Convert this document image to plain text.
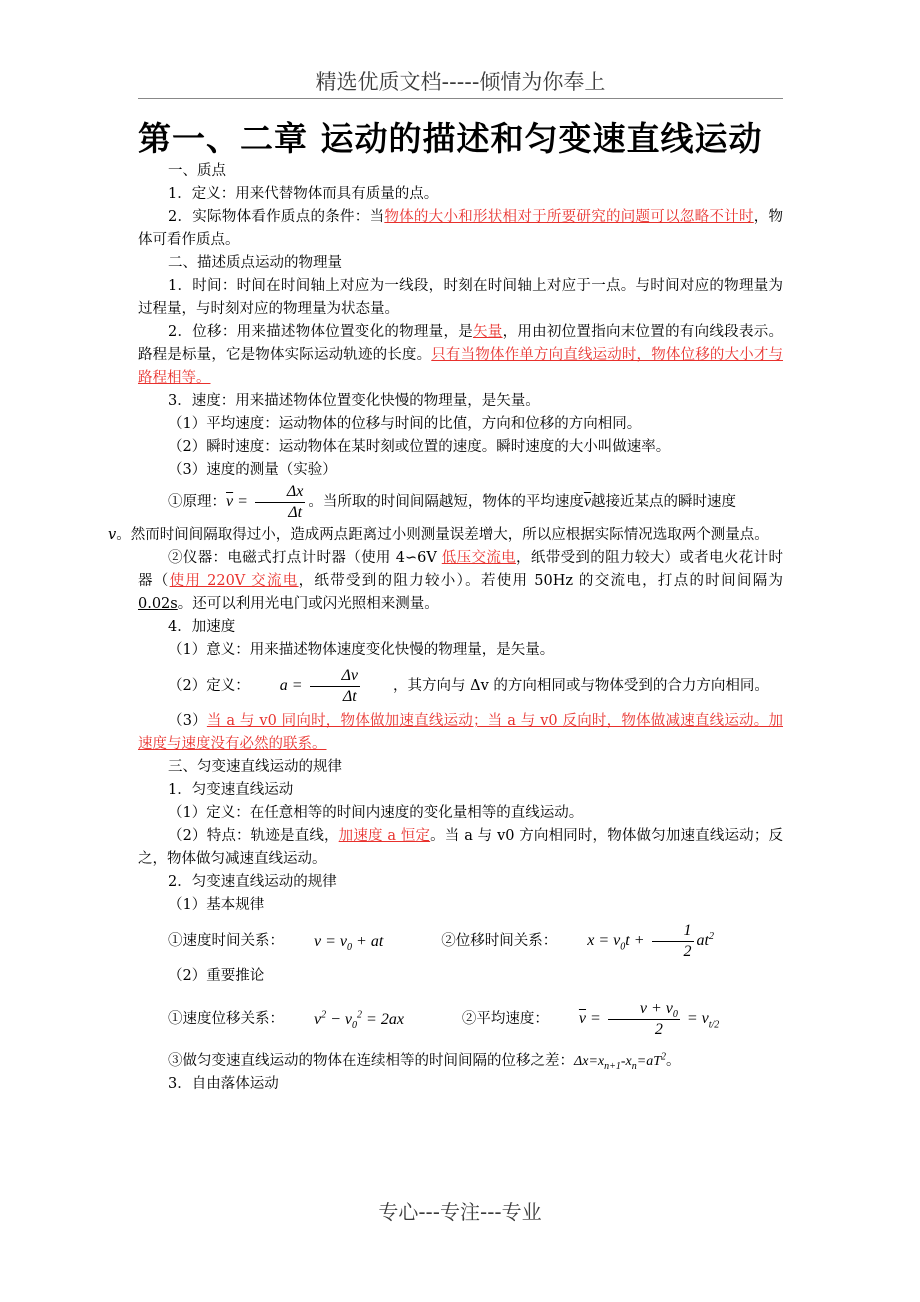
精选优质文档-----倾情为你奉上
第一、二章 运动的描述和匀变速直线运动

一、质点

1．定义：用来代替物体而具有质量的点。

2．实际物体看作质点的条件：当物体的大小和形状相对于所要研究的问题可以忽略不计时，物体可看作质点。

二、描述质点运动的物理量

1．时间：时间在时间轴上对应为一线段，时刻在时间轴上对应于一点。与时间对应的物理量为过程量，与时刻对应的物理量为状态量。

2．位移：用来描述物体位置变化的物理量，是矢量，用由初位置指向末位置的有向线段表示。路程是标量，它是物体实际运动轨迹的长度。只有当物体作单方向直线运动时，物体位移的大小才与路程相等。

3．速度：用来描述物体位置变化快慢的物理量，是矢量。

（1）平均速度：运动物体的位移与时间的比值，方向和位移的方向相同。

（2）瞬时速度：运动物体在某时刻或位置的速度。瞬时速度的大小叫做速率。

（3）速度的测量（实验）

①原理：$\overline{v} = \frac{\Delta x}{\Delta t}$ 。当所取的时间间隔越短，物体的平均速度$\overline{v}$越接近某点的瞬时速度
v。然而时间间隔取得过小，造成两点距离过小则测量误差增大，所以应根据实际情况选取两个测量点。

②仪器：电磁式打点计时器（使用 4∽6V 低压交流电，纸带受到的阻力较大）或者电火花计时器（使用 220V 交流电，纸带受到的阻力较小）。若使用 50Hz 的交流电，打点的时间间隔为 0.02s。还可以利用光电门或闪光照相来测量。

4．加速度

（1）意义：用来描述物体速度变化快慢的物理量，是矢量。

（2）定义：	$a = \frac{\Delta v}{\Delta t}$	，其方向与 Δv 的方向相同或与物体受到的合力方向相同。

（3）当 a 与 v0 同向时，物体做加速直线运动；当 a 与 v0 反向时，物体做减速直线运动。加速度与速度没有必然的联系。

三、匀变速直线运动的规律

1．匀变速直线运动

（1）定义：在任意相等的时间内速度的变化量相等的直线运动。

（2）特点：轨迹是直线，加速度 a 恒定。当 a 与 v0 方向相同时，物体做匀加速直线运动；反之，物体做匀减速直线运动。

2．匀变速直线运动的规律

（1）基本规律

①速度时间关系：	$v = v_0$ + at	②位移时间关系：	$x = v_0t + \frac{1}{2} at^2$

（2）重要推论

①速度位移关系：	$v^2 - v_0^2 = 2ax$	②平均速度：	$\overline{v} = \frac{v + v_0}{2} = v_{t/2}$

③做匀变速直线运动的物体在连续相等的时间间隔的位移之差：$\Delta x=x_{n+1}-x_n=aT^2$。

3．自由落体运动

专心---专注---专业
